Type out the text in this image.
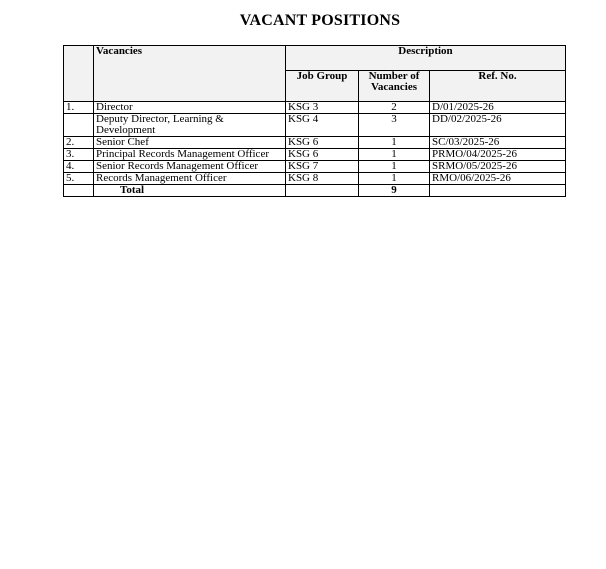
VACANT POSITIONS
	Vacancies	Description		
		Job Group	Number of Vacancies	Ref. No.
1.	Director	KSG 3	2	D/01/2025-26
	Deputy Director, Learning & Development	KSG 4	3	DD/02/2025-26
2.	Senior Chef	KSG 6	1	SC/03/2025-26
3.	Principal Records Management Officer	KSG 6	1	PRMO/04/2025-26
4.	Senior Records Management Officer	KSG 7	1	SRMO/05/2025-26
5.	Records Management Officer	KSG 8	1	RMO/06/2025-26
	Total		9	
